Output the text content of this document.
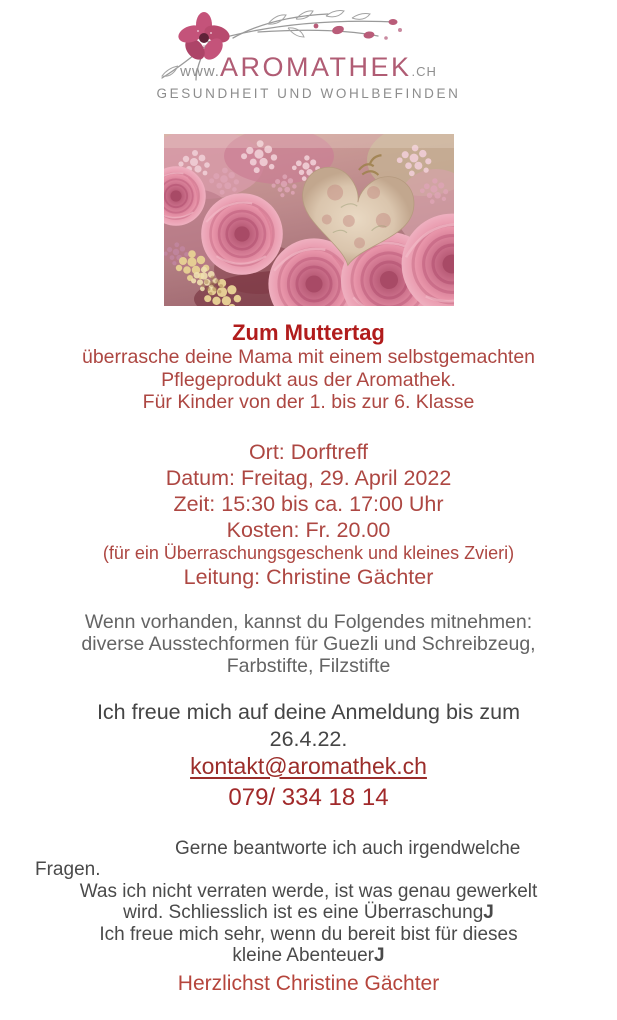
www.AROMATHEK.CH
GESUNDHEIT UND WOHLBEFINDEN
Zum Muttertag
überrasche deine Mama mit einem selbstgemachten
Pflegeprodukt aus der Aromathek.
Für Kinder von der 1. bis zur 6. Klasse
Ort: Dorftreff
Datum: Freitag, 29. April 2022
Zeit: 15:30 bis ca. 17:00 Uhr
Kosten: Fr. 20.00
(für ein Überraschungsgeschenk und kleines Zvieri)
Leitung: Christine Gächter
Wenn vorhanden, kannst du Folgendes mitnehmen:
diverse Ausstechformen für Guezli und Schreibzeug,
Farbstifte, Filzstifte
Ich freue mich auf deine Anmeldung bis zum
26.4.22.
kontakt@aromathek.ch
079/ 334 18 14
Gerne beantworte ich auch irgendwelche
Fragen.
Was ich nicht verraten werde, ist was genau gewerkelt
wird. Schliesslich ist es eine ÜberraschungJ
Ich freue mich sehr, wenn du bereit bist für dieses
kleine AbenteuerJ
Herzlichst Christine Gächter
